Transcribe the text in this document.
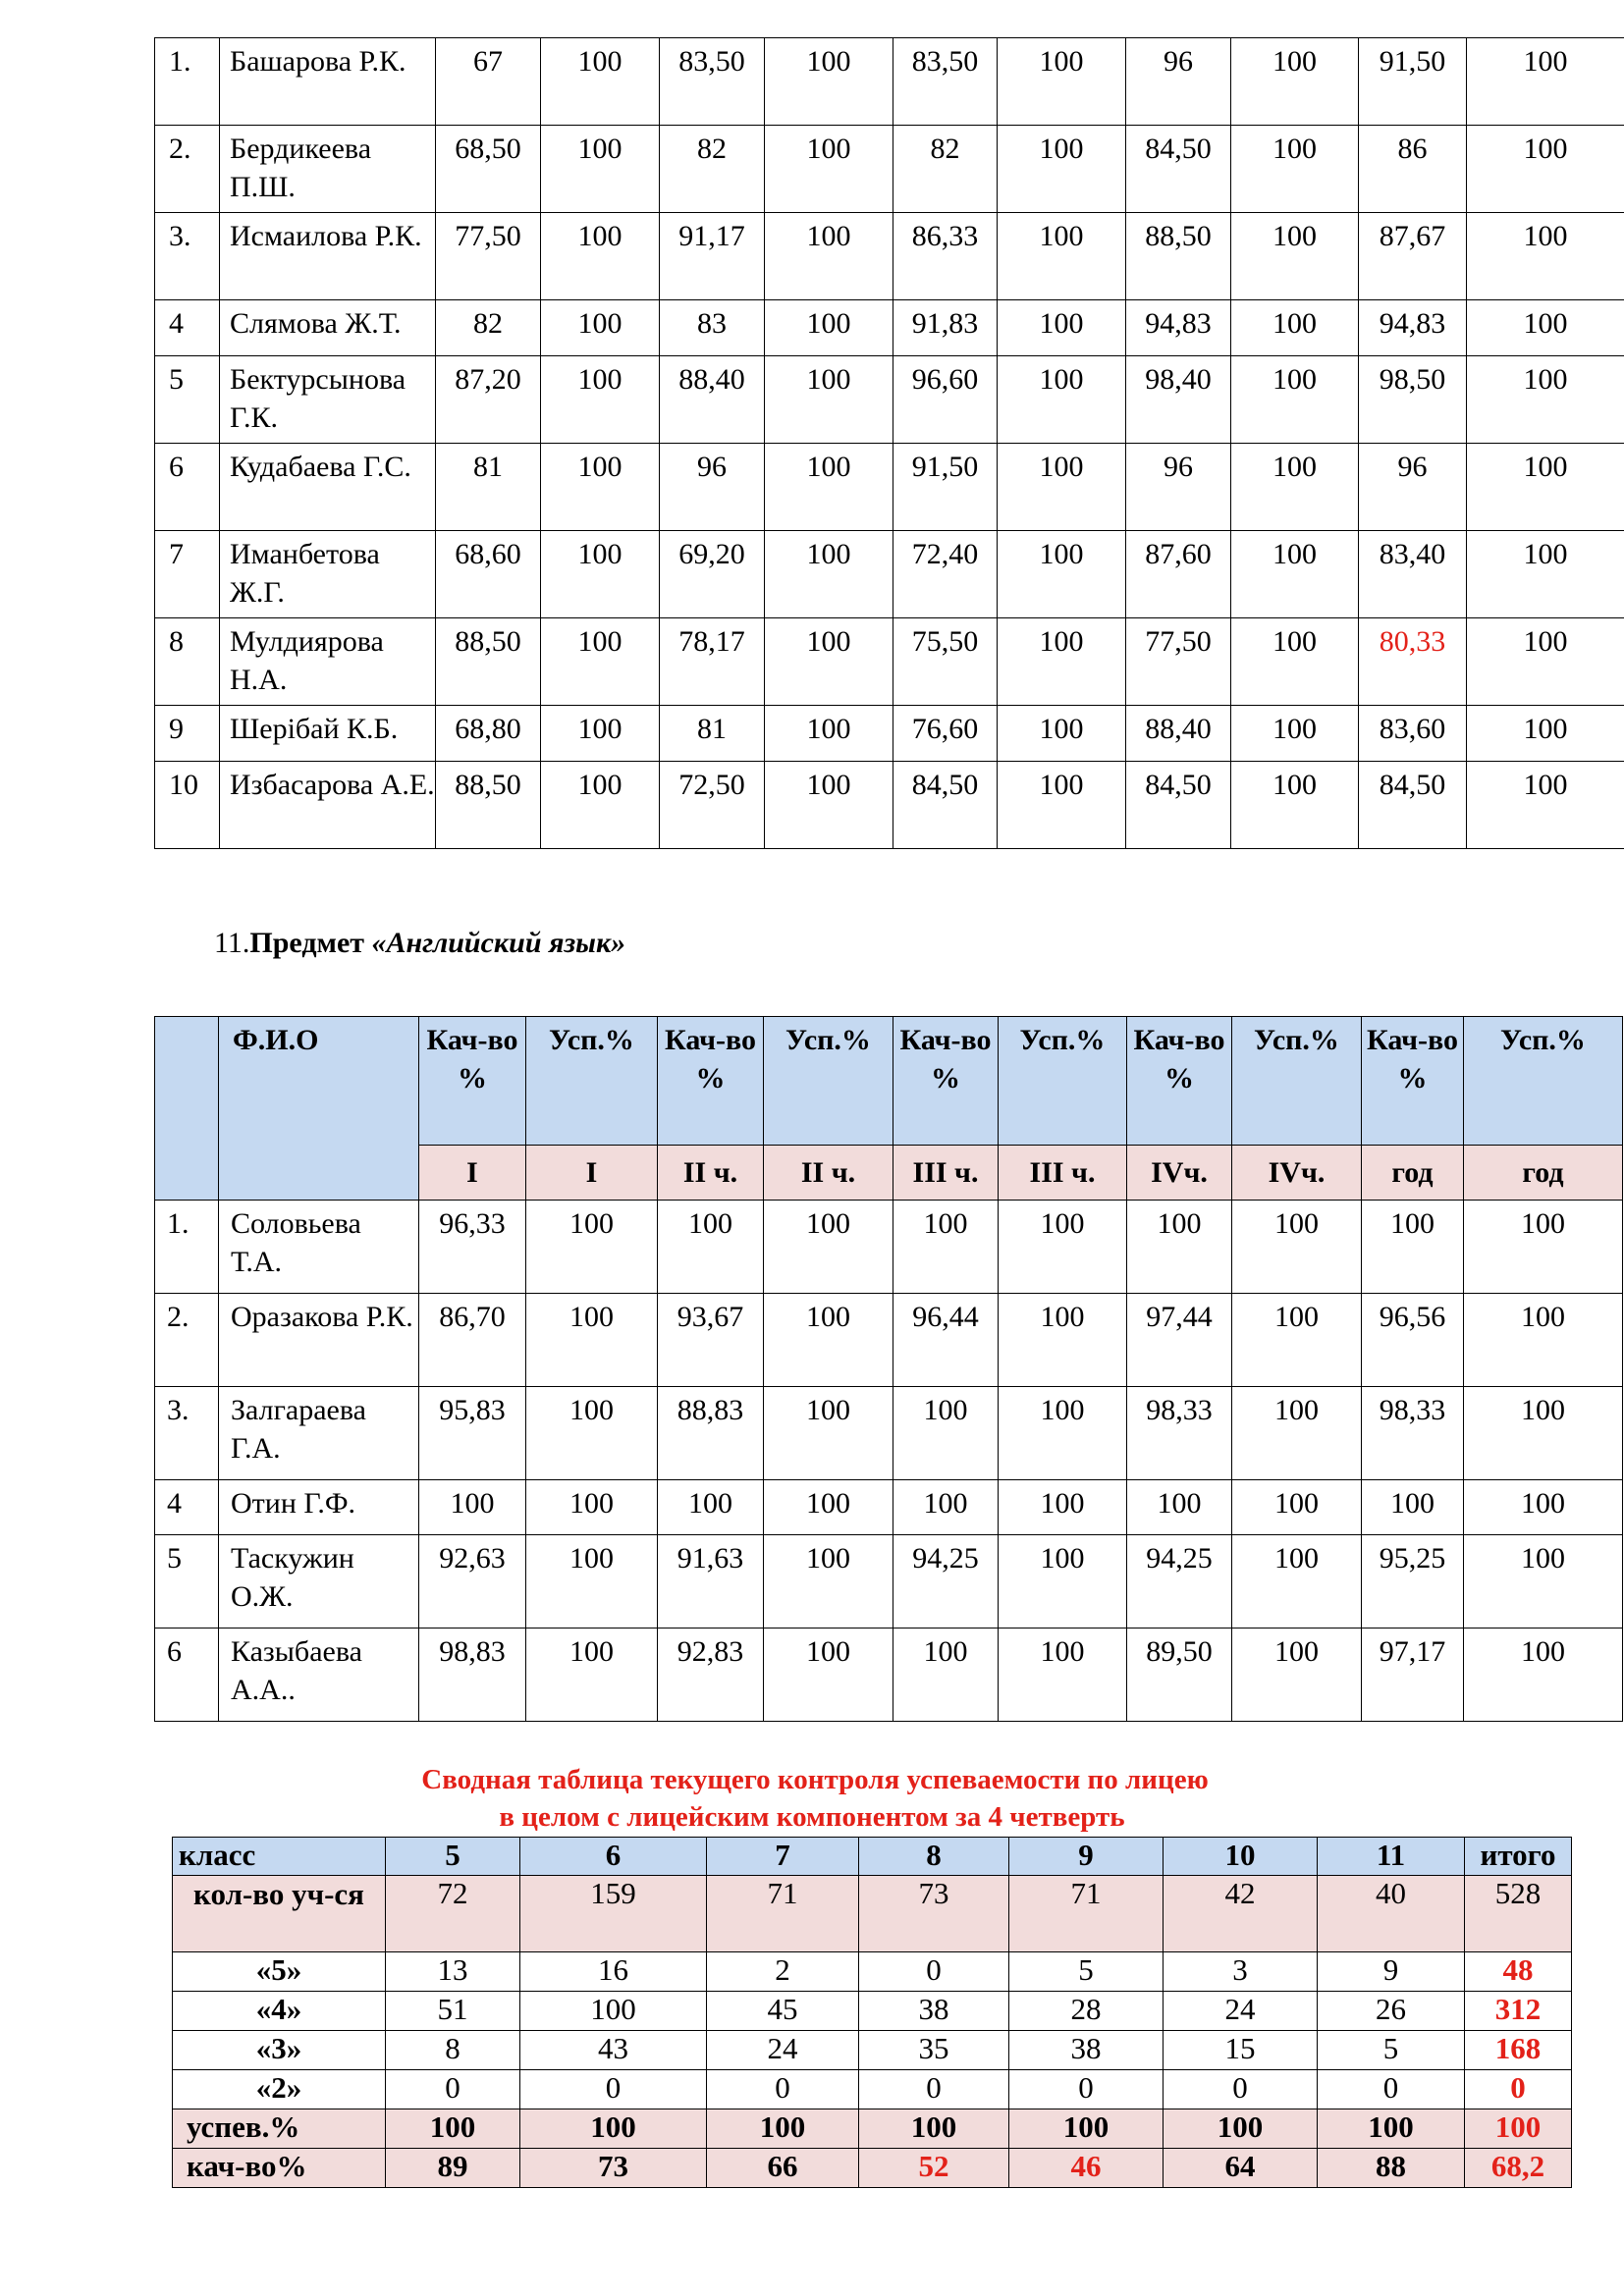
1.	Башарова Р.К.	67	100	83,50	100	83,50	100	96	100	91,50	100
2.	Бердикеева П.Ш.	68,50	100	82	100	82	100	84,50	100	86	100
3.	Исмаилова Р.К.	77,50	100	91,17	100	86,33	100	88,50	100	87,67	100
4	Слямова Ж.Т.	82	100	83	100	91,83	100	94,83	100	94,83	100
5	Бектурсынова Г.К.	87,20	100	88,40	100	96,60	100	98,40	100	98,50	100
6	Кудабаева Г.С.	81	100	96	100	91,50	100	96	100	96	100
7	Иманбетова Ж.Г.	68,60	100	69,20	100	72,40	100	87,60	100	83,40	100
8	Мулдиярова Н.А.	88,50	100	78,17	100	75,50	100	77,50	100	80,33	100
9	Шерібай К.Б.	68,80	100	81	100	76,60	100	88,40	100	83,60	100
10	Избасарова А.Е.	88,50	100	72,50	100	84,50	100	84,50	100	84,50	100
11.Предмет «Английский язык»
	Ф.И.О	Кач-во %	Усп.%	Кач-во %	Усп.%	Кач-во %	Усп.%	Кач-во %	Усп.%	Кач-во %	Усп.%
		I	I	II ч.	II ч.	III ч.	III ч.	IVч.	IVч.	год	год
1.	Соловьева Т.А.	96,33	100	100	100	100	100	100	100	100	100
2.	Оразакова Р.К.	86,70	100	93,67	100	96,44	100	97,44	100	96,56	100
3.	Залгараева Г.А.	95,83	100	88,83	100	100	100	98,33	100	98,33	100
4	Отин Г.Ф.	100	100	100	100	100	100	100	100	100	100
5	Таскужин О.Ж.	92,63	100	91,63	100	94,25	100	94,25	100	95,25	100
6	Казыбаева А.А..	98,83	100	92,83	100	100	100	89,50	100	97,17	100
Сводная таблица текущего контроля успеваемости по лицею
в целом с лицейским компонентом за 4 четверть
класс	5	6	7	8	9	10	11	итого
кол-во уч-ся	72	159	71	73	71	42	40	528
«5»	13	16	2	0	5	3	9	48
«4»	51	100	45	38	28	24	26	312
«3»	8	43	24	35	38	15	5	168
«2»	0	0	0	0	0	0	0	0
успев.%	100	100	100	100	100	100	100	100
кач-во%	89	73	66	52	46	64	88	68,2
